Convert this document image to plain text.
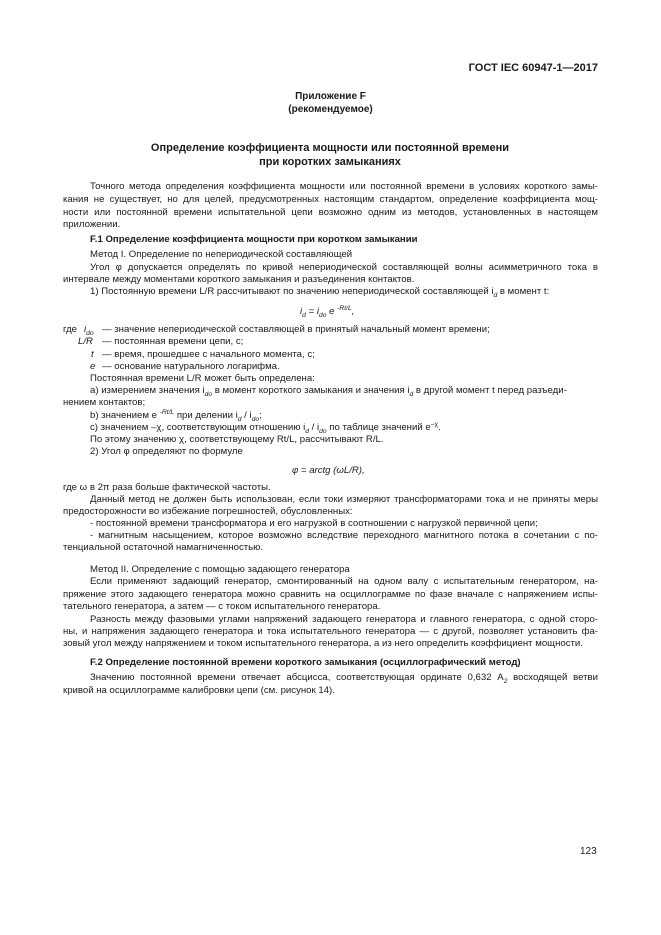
ГОСТ IEC 60947-1—2017
Приложение F
(рекомендуемое)
Определение коэффициента мощности или постоянной времени
при коротких замыканиях
Точного метода определения коэффициента мощности или постоянной времени в условиях короткого замы-
кания не существует, но для целей, предусмотренных настоящим стандартом, определение коэффициента мощ-
ности или постоянной времени испытательной цепи возможно одним из методов, установленных в настоящем
приложении.
F.1 Определение коэффициента мощности при коротком замыкании
Метод I. Определение по непериодической составляющей
Угол φ допускается определять по кривой непериодической составляющей волны асимметричного тока в
интервале между моментами короткого замыкания и разъединения контактов.
1) Постоянную времени L/R рассчитывают по значению непериодической составляющей $i_d$ в момент t:
$i_d = i_{do}$ e $^{-Rt/L}$,
где $i_{do}$ — значение непериодической составляющей в принятый начальный момент времени;
L/R — постоянная времени цепи, с;
t — время, прошедшее с начального момента, с;
e — основание натурального логарифма.
Постоянная времени L/R может быть определена:
а) измерением значения $i_{do}$ в момент короткого замыкания и значения $i_d$ в другой момент t перед разъеди-
нением контактов;
b) значением e $^{-Rt/L}$ при делении $i_d / i_{do}$;
c) значением –χ, соответствующим отношению $i_d / i_{do}$ по таблице значений $e^{-\chi}$.
По этому значению χ, соответствующему Rt/L, рассчитывают R/L.
2) Угол φ определяют по формуле
φ = arctg (ωL/R),
где ω в 2π раза больше фактической частоты.
Данный метод не должен быть использован, если токи измеряют трансформаторами тока и не приняты меры
предосторожности во избежание погрешностей, обусловленных:
- постоянной времени трансформатора и его нагрузкой в соотношении с нагрузкой первичной цепи;
- магнитным насыщением, которое возможно вследствие переходного магнитного потока в сочетании с по-
тенциальной остаточной намагниченностью.
Метод II. Определение с помощью задающего генератора
Если применяют задающий генератор, смонтированный на одном валу с испытательным генератором, на-
пряжение этого задающего генератора можно сравнить на осциллограмме по фазе вначале с напряжением испы-
тательного генератора, а затем — с током испытательного генератора.
Разность между фазовыми углами напряжений задающего генератора и главного генератора, с одной сторо-
ны, и напряжения задающего генератора и тока испытательного генератора — с другой, позволяет установить фа-
зовый угол между напряжением и током испытательного генератора, а из него определить коэффициент мощности.
F.2 Определение постоянной времени короткого замыкания (осциллографический метод)
Значению постоянной времени отвечает абсцисса, соответствующая ординате 0,632 $A_2$ восходящей ветви
кривой на осциллограмме калибровки цепи (см. рисунок 14).
123
